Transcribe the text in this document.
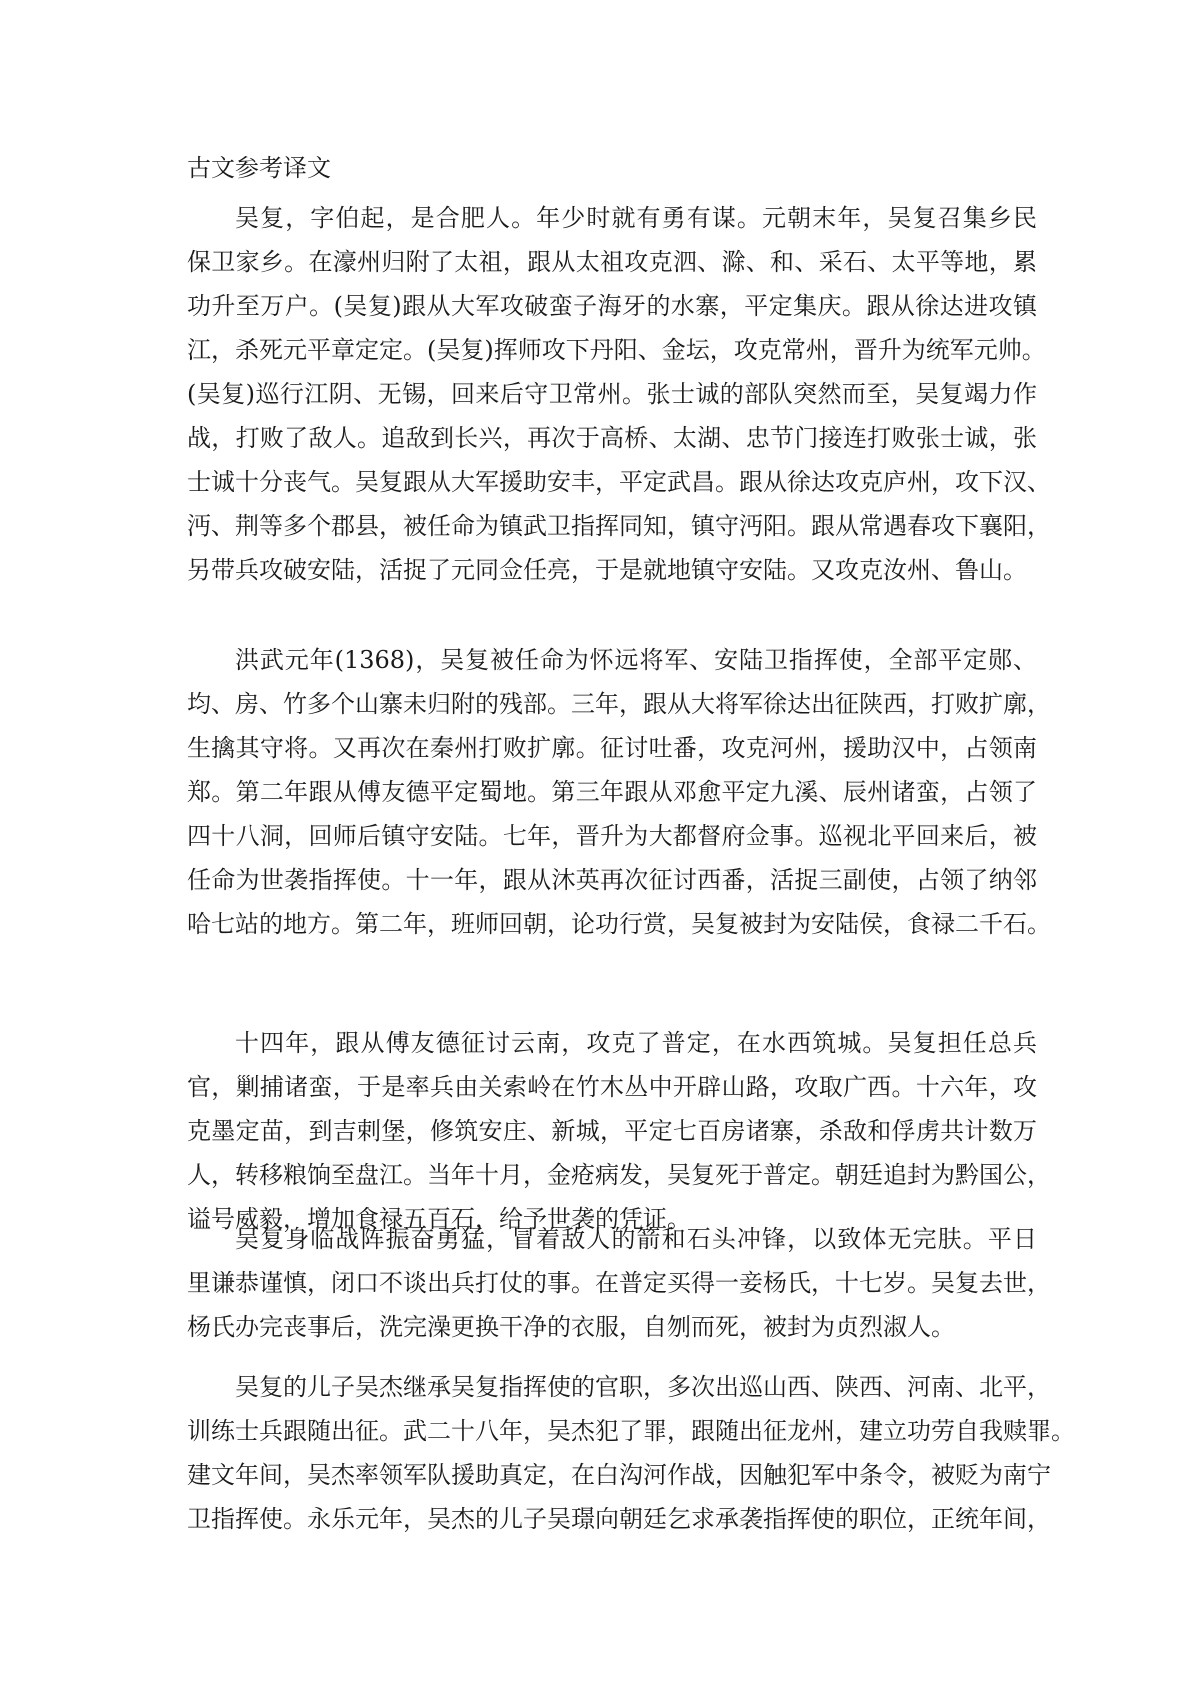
古文参考译文
吴复，字伯起，是合肥人。年少时就有勇有谋。元朝末年，吴复召集乡民
保卫家乡。在濠州归附了太祖，跟从太祖攻克泗、滁、和、采石、太平等地，累
功升至万户。(吴复)跟从大军攻破蛮子海牙的水寨，平定集庆。跟从徐达进攻镇
江，杀死元平章定定。(吴复)挥师攻下丹阳、金坛，攻克常州，晋升为统军元帅。
(吴复)巡行江阴、无锡，回来后守卫常州。张士诚的部队突然而至，吴复竭力作
战，打败了敌人。追敌到长兴，再次于高桥、太湖、忠节门接连打败张士诚，张
士诚十分丧气。吴复跟从大军援助安丰，平定武昌。跟从徐达攻克庐州，攻下汉、
沔、荆等多个郡县，被任命为镇武卫指挥同知，镇守沔阳。跟从常遇春攻下襄阳，
另带兵攻破安陆，活捉了元同佥任亮，于是就地镇守安陆。又攻克汝州、鲁山。
洪武元年(1368)，吴复被任命为怀远将军、安陆卫指挥使，全部平定郧、
均、房、竹多个山寨未归附的残部。三年，跟从大将军徐达出征陕西，打败扩廓，
生擒其守将。又再次在秦州打败扩廓。征讨吐番，攻克河州，援助汉中，占领南
郑。第二年跟从傅友德平定蜀地。第三年跟从邓愈平定九溪、辰州诸蛮，占领了
四十八洞，回师后镇守安陆。七年，晋升为大都督府佥事。巡视北平回来后，被
任命为世袭指挥使。十一年，跟从沐英再次征讨西番，活捉三副使，占领了纳邻
哈七站的地方。第二年，班师回朝，论功行赏，吴复被封为安陆侯，食禄二千石。
十四年，跟从傅友德征讨云南，攻克了普定，在水西筑城。吴复担任总兵
官，剿捕诸蛮，于是率兵由关索岭在竹木丛中开辟山路，攻取广西。十六年，攻
克墨定苗，到吉剌堡，修筑安庄、新城，平定七百房诸寨，杀敌和俘虏共计数万
人，转移粮饷至盘江。当年十月，金疮病发，吴复死于普定。朝廷追封为黔国公，
谥号威毅，增加食禄五百石，给予世袭的凭证。
吴复身临战阵振奋勇猛，冒着敌人的箭和石头冲锋，以致体无完肤。平日
里谦恭谨慎，闭口不谈出兵打仗的事。在普定买得一妾杨氏，十七岁。吴复去世，
杨氏办完丧事后，洗完澡更换干净的衣服，自刎而死，被封为贞烈淑人。
吴复的儿子吴杰继承吴复指挥使的官职，多次出巡山西、陕西、河南、北平，
训练士兵跟随出征。武二十八年，吴杰犯了罪，跟随出征龙州，建立功劳自我赎罪。
建文年间，吴杰率领军队援助真定，在白沟河作战，因触犯军中条令，被贬为南宁
卫指挥使。永乐元年，吴杰的儿子吴璟向朝廷乞求承袭指挥使的职位，正统年间，
